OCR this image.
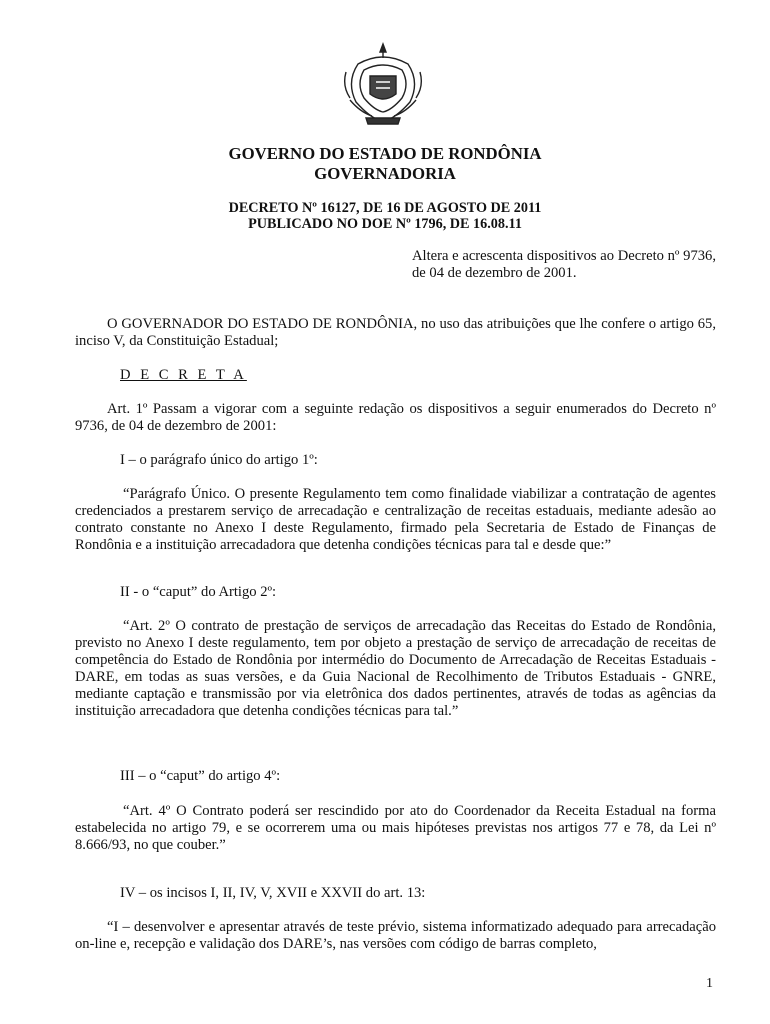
GOVERNO DO ESTADO DE RONDÔNIA
GOVERNADORIA
DECRETO Nº 16127, DE 16 DE AGOSTO DE 2011
PUBLICADO NO DOE Nº 1796, DE 16.08.11
Altera e acrescenta dispositivos ao Decreto nº 9736, de 04 de dezembro de 2001.
O GOVERNADOR DO ESTADO DE RONDÔNIA, no uso das atribuições que lhe confere o artigo 65, inciso V, da Constituição Estadual;
D E C R E T A
Art. 1º Passam a vigorar com a seguinte redação os dispositivos a seguir enumerados do Decreto nº 9736, de 04 de dezembro de 2001:
I – o parágrafo único do artigo 1º:
“Parágrafo Único. O presente Regulamento tem como finalidade viabilizar a contratação de agentes credenciados a prestarem serviço de arrecadação e centralização de receitas estaduais, mediante adesão ao contrato constante no Anexo I deste Regulamento, firmado pela Secretaria de Estado de Finanças de Rondônia e a instituição arrecadadora que detenha condições técnicas para tal e desde que:”
II - o “caput” do Artigo 2º:
“Art. 2º O contrato de prestação de serviços de arrecadação das Receitas do Estado de Rondônia, previsto no Anexo I deste regulamento, tem por objeto a prestação de serviço de arrecadação de receitas de competência do Estado de Rondônia por intermédio do Documento de Arrecadação de Receitas Estaduais - DARE, em todas as suas versões, e da Guia Nacional de Recolhimento de Tributos Estaduais - GNRE, mediante captação e transmissão por via eletrônica dos dados pertinentes, através de todas as agências da instituição arrecadadora que detenha condições técnicas para tal.”
III – o “caput” do artigo 4º:
“Art. 4º O Contrato poderá ser rescindido por ato do Coordenador da Receita Estadual na forma estabelecida no artigo 79, e se ocorrerem uma ou mais hipóteses previstas nos artigos 77 e 78, da Lei nº 8.666/93, no que couber.”
IV – os incisos I, II, IV, V, XVII e XXVII do art. 13:
“I – desenvolver e apresentar através de teste prévio, sistema informatizado adequado para arrecadação on-line e, recepção e validação dos DARE’s, nas versões com código de barras completo,
1
